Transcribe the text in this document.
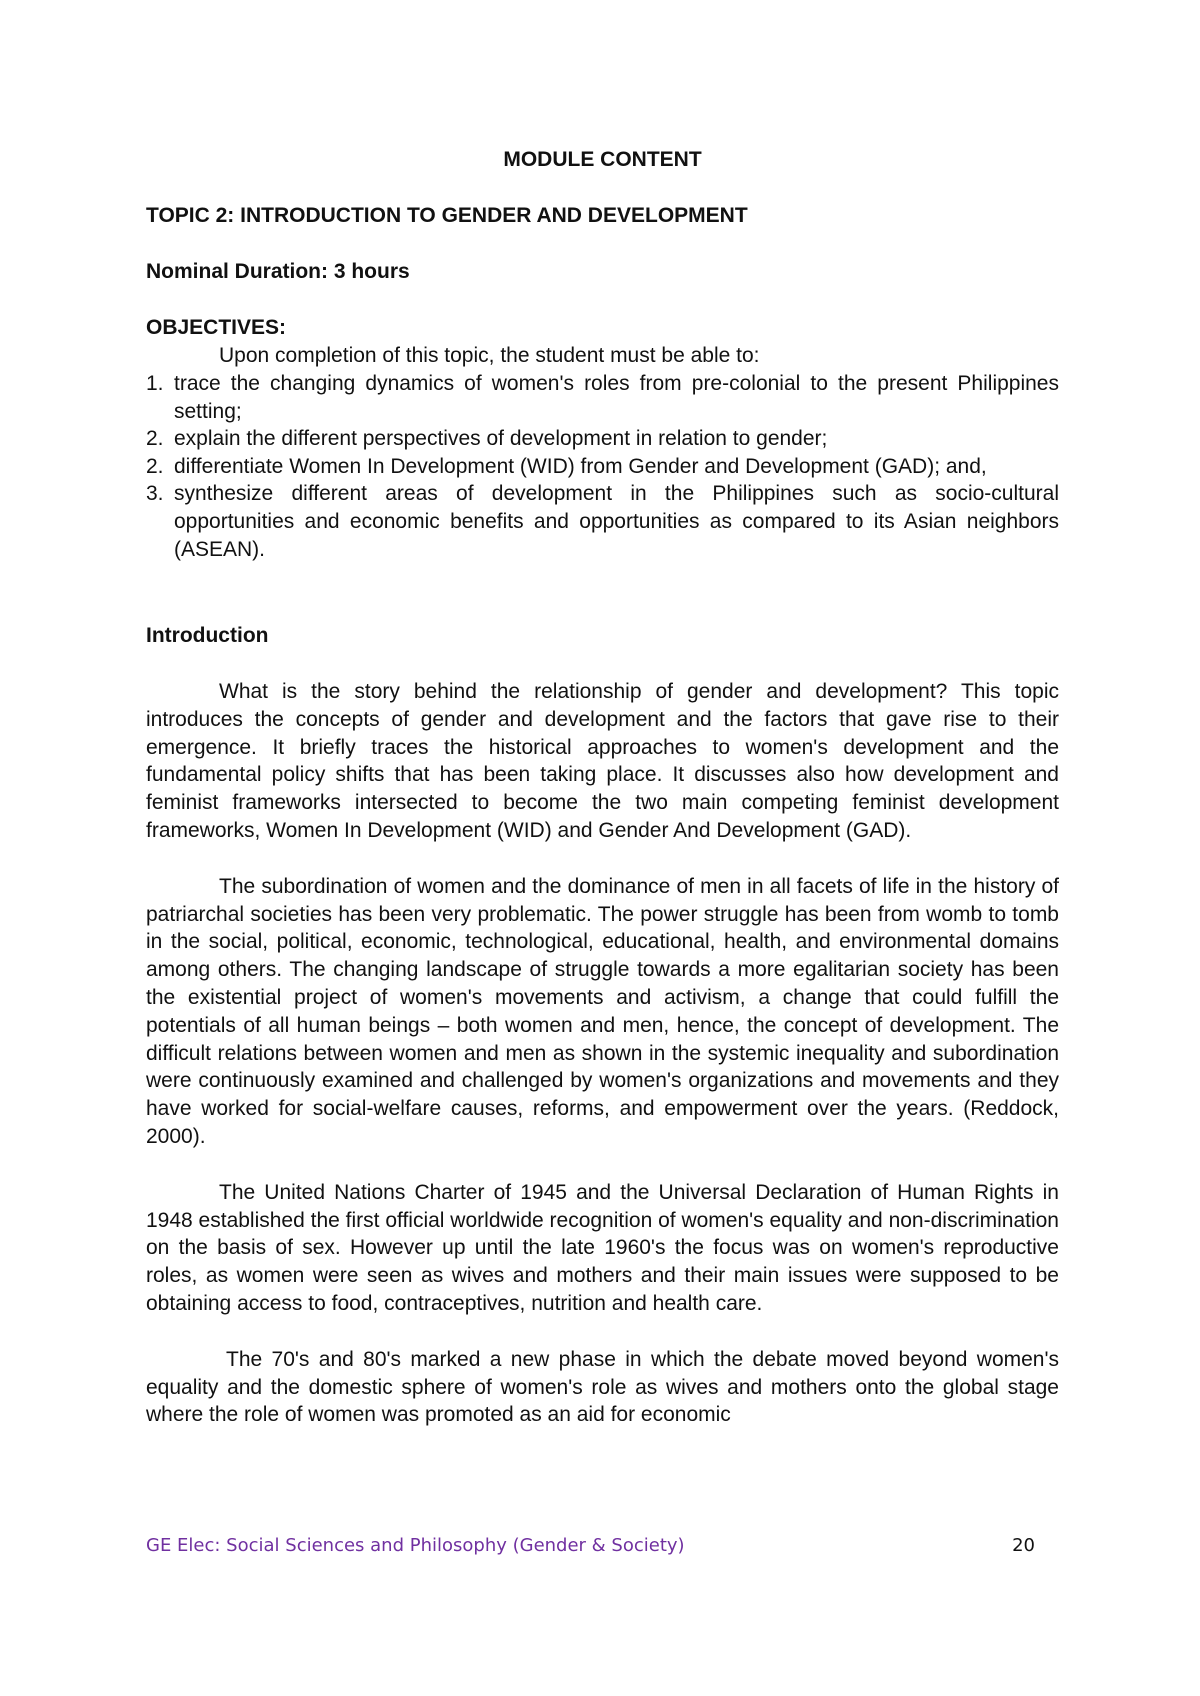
MODULE CONTENT
TOPIC 2: INTRODUCTION TO GENDER AND DEVELOPMENT
Nominal Duration: 3 hours
OBJECTIVES:
Upon completion of this topic, the student must be able to:
1. trace the changing dynamics of women's roles from pre-colonial to the present Philippines setting;
2. explain the different perspectives of development in relation to gender;
2. differentiate Women In Development (WID) from Gender and Development (GAD); and,
3. synthesize different areas of development in the Philippines such as socio-cultural opportunities and economic benefits and opportunities as compared to its Asian neighbors (ASEAN).
Introduction

What is the story behind the relationship of gender and development? This topic introduces the concepts of gender and development and the factors that gave rise to their emergence. It briefly traces the historical approaches to women's development and the fundamental policy shifts that has been taking place. It discusses also how development and feminist frameworks intersected to become the two main competing feminist development frameworks, Women In Development (WID) and Gender And Development (GAD).

The subordination of women and the dominance of men in all facets of life in the history of patriarchal societies has been very problematic. The power struggle has been from womb to tomb in the social, political, economic, technological, educational, health, and environmental domains among others. The changing landscape of struggle towards a more egalitarian society has been the existential project of women's movements and activism, a change that could fulfill the potentials of all human beings – both women and men, hence, the concept of development. The difficult relations between women and men as shown in the systemic inequality and subordination were continuously examined and challenged by women's organizations and movements and they have worked for social-welfare causes, reforms, and empowerment over the years. (Reddock, 2000).

The United Nations Charter of 1945 and the Universal Declaration of Human Rights in 1948 established the first official worldwide recognition of women's equality and non-discrimination on the basis of sex. However up until the late 1960's the focus was on women's reproductive roles, as women were seen as wives and mothers and their main issues were supposed to be obtaining access to food, contraceptives, nutrition and health care.

The 70's and 80's marked a new phase in which the debate moved beyond women's equality and the domestic sphere of women's role as wives and mothers onto the global stage where the role of women was promoted as an aid for economic

GE Elec: Social Sciences and Philosophy (Gender & Society)	20
